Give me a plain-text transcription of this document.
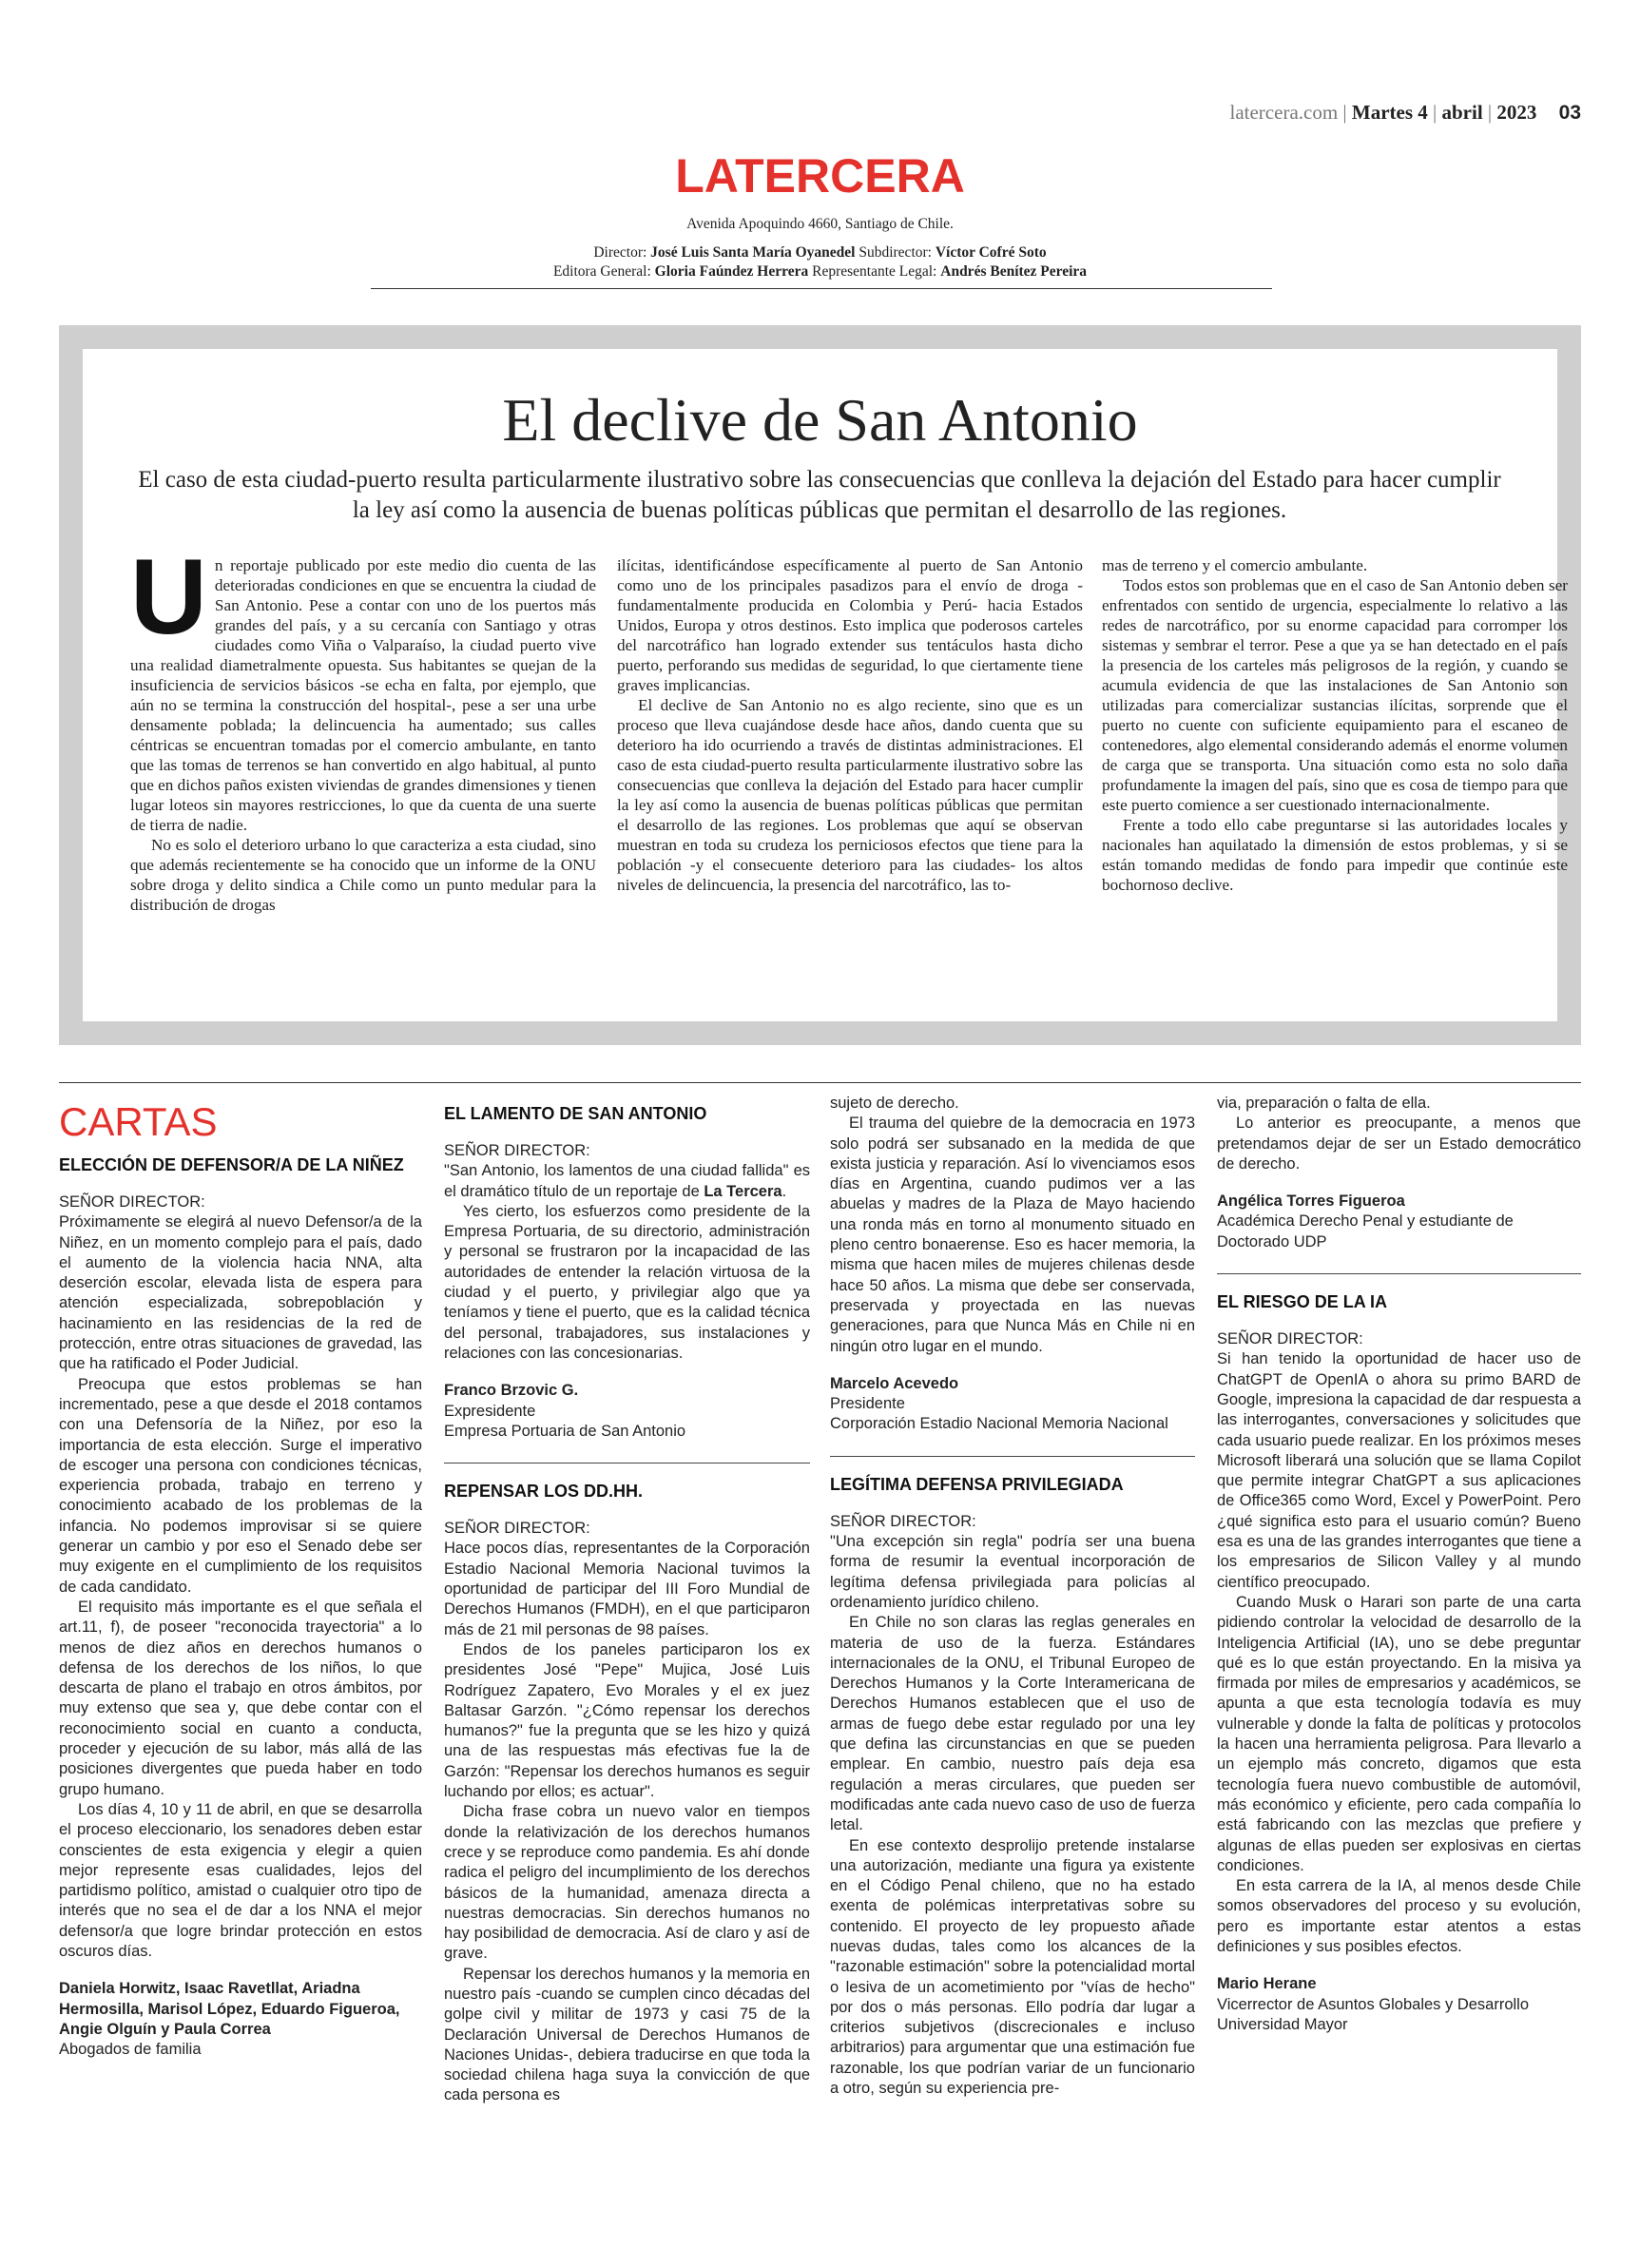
latercera.com | Martes 4 | abril | 2023 03
LATERCERA
Avenida Apoquindo 4660, Santiago de Chile.
Director: José Luis Santa María Oyanedel Subdirector: Víctor Cofré Soto
Editora General: Gloria Faúndez Herrera Representante Legal: Andrés Benítez Pereira
El declive de San Antonio
El caso de esta ciudad-puerto resulta particularmente ilustrativo sobre las consecuencias que conlleva la dejación del Estado para hacer cumplir la ley así como la ausencia de buenas políticas públicas que permitan el desarrollo de las regiones.
U n reportaje publicado por este medio dio cuenta de las deterioradas condiciones en que se encuentra la ciudad de San Antonio. Pese a contar con uno de los puertos más grandes del país, y a su cercanía con Santiago y otras ciudades como Viña o Valparaíso, la ciudad puerto vive una realidad diametralmente opuesta. Sus habitantes se quejan de la insuficiencia de servicios básicos -se echa en falta, por ejemplo, que aún no se termina la construcción del hospital-, pese a ser una urbe densamente poblada; la delincuencia ha aumentado; sus calles céntricas se encuentran tomadas por el comercio ambulante, en tanto que las tomas de terrenos se han convertido en algo habitual, al punto que en dichos paños existen viviendas de grandes dimensiones y tienen lugar loteos sin mayores restricciones, lo que da cuenta de una suerte de tierra de nadie.

No es solo el deterioro urbano lo que caracteriza a esta ciudad, sino que además recientemente se ha conocido que un informe de la ONU sobre droga y delito sindica a Chile como un punto medular para la distribución de drogas

ilícitas, identificándose específicamente al puerto de San Antonio como uno de los principales pasadizos para el envío de droga -fundamentalmente producida en Colombia y Perú- hacia Estados Unidos, Europa y otros destinos. Esto implica que poderosos carteles del narcotráfico han logrado extender sus tentáculos hasta dicho puerto, perforando sus medidas de seguridad, lo que ciertamente tiene graves implicancias.

El declive de San Antonio no es algo reciente, sino que es un proceso que lleva cuajándose desde hace años, dando cuenta que su deterioro ha ido ocurriendo a través de distintas administraciones. El caso de esta ciudad-puerto resulta particularmente ilustrativo sobre las consecuencias que conlleva la dejación del Estado para hacer cumplir la ley así como la ausencia de buenas políticas públicas que permitan el desarrollo de las regiones. Los problemas que aquí se observan muestran en toda su crudeza los perniciosos efectos que tiene para la población -y el consecuente deterioro para las ciudades- los altos niveles de delincuencia, la presencia del narcotráfico, las to-

mas de terreno y el comercio ambulante.

Todos estos son problemas que en el caso de San Antonio deben ser enfrentados con sentido de urgencia, especialmente lo relativo a las redes de narcotráfico, por su enorme capacidad para corromper los sistemas y sembrar el terror. Pese a que ya se han detectado en el país la presencia de los carteles más peligrosos de la región, y cuando se acumula evidencia de que las instalaciones de San Antonio son utilizadas para comercializar sustancias ilícitas, sorprende que el puerto no cuente con suficiente equipamiento para el escaneo de contenedores, algo elemental considerando además el enorme volumen de carga que se transporta. Una situación como esta no solo daña profundamente la imagen del país, sino que es cosa de tiempo para que este puerto comience a ser cuestionado internacionalmente.

Frente a todo ello cabe preguntarse si las autoridades locales y nacionales han aquilatado la dimensión de estos problemas, y si se están tomando medidas de fondo para impedir que continúe este bochornoso declive.

CARTAS
ELECCIÓN DE DEFENSOR/A DE LA NIÑEZ
SEÑOR DIRECTOR:

Próximamente se elegirá al nuevo Defensor/a de la Niñez, en un momento complejo para el país, dado el aumento de la violencia hacia NNA, alta deserción escolar, elevada lista de espera para atención especializada, sobrepoblación y hacinamiento en las residencias de la red de protección, entre otras situaciones de gravedad, las que ha ratificado el Poder Judicial.

Preocupa que estos problemas se han incrementado, pese a que desde el 2018 contamos con una Defensoría de la Niñez, por eso la importancia de esta elección. Surge el imperativo de escoger una persona con condiciones técnicas, experiencia probada, trabajo en terreno y conocimiento acabado de los problemas de la infancia. No podemos improvisar si se quiere generar un cambio y por eso el Senado debe ser muy exigente en el cumplimiento de los requisitos de cada candidato.

El requisito más importante es el que señala el art.11, f), de poseer "reconocida trayectoria" a lo menos de diez años en derechos humanos o defensa de los derechos de los niños, lo que descarta de plano el trabajo en otros ámbitos, por muy extenso que sea y, que debe contar con el reconocimiento social en cuanto a conducta, proceder y ejecución de su labor, más allá de las posiciones divergentes que pueda haber en todo grupo humano.

Los días 4, 10 y 11 de abril, en que se desarrolla el proceso eleccionario, los senadores deben estar conscientes de esta exigencia y elegir a quien mejor represente esas cualidades, lejos del partidismo político, amistad o cualquier otro tipo de interés que no sea el de dar a los NNA el mejor defensor/a que logre brindar protección en estos oscuros días.

Daniela Horwitz, Isaac Ravetllat, Ariadna Hermosilla, Marisol López, Eduardo Figueroa, Angie Olguín y Paula Correa
Abogados de familia
EL LAMENTO DE SAN ANTONIO
SEÑOR DIRECTOR:

"San Antonio, los lamentos de una ciudad fallida" es el dramático título de un reportaje de La Tercera.

Yes cierto, los esfuerzos como presidente de la Empresa Portuaria, de su directorio, administración y personal se frustraron por la incapacidad de las autoridades de entender la relación virtuosa de la ciudad y el puerto, y privilegiar algo que ya teníamos y tiene el puerto, que es la calidad técnica del personal, trabajadores, sus instalaciones y relaciones con las concesionarias.

Franco Brzovic G.
Expresidente
Empresa Portuaria de San Antonio
REPENSAR LOS DD.HH.
SEÑOR DIRECTOR:

Hace pocos días, representantes de la Corporación Estadio Nacional Memoria Nacional tuvimos la oportunidad de participar del III Foro Mundial de Derechos Humanos (FMDH), en el que participaron más de 21 mil personas de 98 países.

Endos de los paneles participaron los ex presidentes José "Pepe" Mujica, José Luis Rodríguez Zapatero, Evo Morales y el ex juez Baltasar Garzón. "¿Cómo repensar los derechos humanos?" fue la pregunta que se les hizo y quizá una de las respuestas más efectivas fue la de Garzón: "Repensar los derechos humanos es seguir luchando por ellos; es actuar".

Dicha frase cobra un nuevo valor en tiempos donde la relativización de los derechos humanos crece y se reproduce como pandemia. Es ahí donde radica el peligro del incumplimiento de los derechos básicos de la humanidad, amenaza directa a nuestras democracias. Sin derechos humanos no hay posibilidad de democracia. Así de claro y así de grave.

Repensar los derechos humanos y la memoria en nuestro país -cuando se cumplen cinco décadas del golpe civil y militar de 1973 y casi 75 de la Declaración Universal de Derechos Humanos de Naciones Unidas-, debiera traducirse en que toda la sociedad chilena haga suya la convicción de que cada persona es

sujeto de derecho.

El trauma del quiebre de la democracia en 1973 solo podrá ser subsanado en la medida de que exista justicia y reparación. Así lo vivenciamos esos días en Argentina, cuando pudimos ver a las abuelas y madres de la Plaza de Mayo haciendo una ronda más en torno al monumento situado en pleno centro bonaerense. Eso es hacer memoria, la misma que hacen miles de mujeres chilenas desde hace 50 años. La misma que debe ser conservada, preservada y proyectada en las nuevas generaciones, para que Nunca Más en Chile ni en ningún otro lugar en el mundo.

Marcelo Acevedo
Presidente
Corporación Estadio Nacional Memoria Nacional
LEGÍTIMA DEFENSA PRIVILEGIADA
SEÑOR DIRECTOR:

"Una excepción sin regla" podría ser una buena forma de resumir la eventual incorporación de legítima defensa privilegiada para policías al ordenamiento jurídico chileno.

En Chile no son claras las reglas generales en materia de uso de la fuerza. Estándares internacionales de la ONU, el Tribunal Europeo de Derechos Humanos y la Corte Interamericana de Derechos Humanos establecen que el uso de armas de fuego debe estar regulado por una ley que defina las circunstancias en que se pueden emplear. En cambio, nuestro país deja esa regulación a meras circulares, que pueden ser modificadas ante cada nuevo caso de uso de fuerza letal.

En ese contexto desprolijo pretende instalarse una autorización, mediante una figura ya existente en el Código Penal chileno, que no ha estado exenta de polémicas interpretativas sobre su contenido. El proyecto de ley propuesto añade nuevas dudas, tales como los alcances de la "razonable estimación" sobre la potencialidad mortal o lesiva de un acometimiento por "vías de hecho" por dos o más personas. Ello podría dar lugar a criterios subjetivos (discrecionales e incluso arbitrarios) para argumentar que una estimación fue razonable, los que podrían variar de un funcionario a otro, según su experiencia pre-

via, preparación o falta de ella.

Lo anterior es preocupante, a menos que pretendamos dejar de ser un Estado democrático de derecho.

Angélica Torres Figueroa
Académica Derecho Penal y estudiante de Doctorado UDP
EL RIESGO DE LA IA
SEÑOR DIRECTOR:

Si han tenido la oportunidad de hacer uso de ChatGPT de OpenIA o ahora su primo BARD de Google, impresiona la capacidad de dar respuesta a las interrogantes, conversaciones y solicitudes que cada usuario puede realizar. En los próximos meses Microsoft liberará una solución que se llama Copilot que permite integrar ChatGPT a sus aplicaciones de Office365 como Word, Excel y PowerPoint. Pero ¿qué significa esto para el usuario común? Bueno esa es una de las grandes interrogantes que tiene a los empresarios de Silicon Valley y al mundo científico preocupado.

Cuando Musk o Harari son parte de una carta pidiendo controlar la velocidad de desarrollo de la Inteligencia Artificial (IA), uno se debe preguntar qué es lo que están proyectando. En la misiva ya firmada por miles de empresarios y académicos, se apunta a que esta tecnología todavía es muy vulnerable y donde la falta de políticas y protocolos la hacen una herramienta peligrosa. Para llevarlo a un ejemplo más concreto, digamos que esta tecnología fuera nuevo combustible de automóvil, más económico y eficiente, pero cada compañía lo está fabricando con las mezclas que prefiere y algunas de ellas pueden ser explosivas en ciertas condiciones.

En esta carrera de la IA, al menos desde Chile somos observadores del proceso y su evolución, pero es importante estar atentos a estas definiciones y sus posibles efectos.

Mario Herane
Vicerrector de Asuntos Globales y Desarrollo
Universidad Mayor
